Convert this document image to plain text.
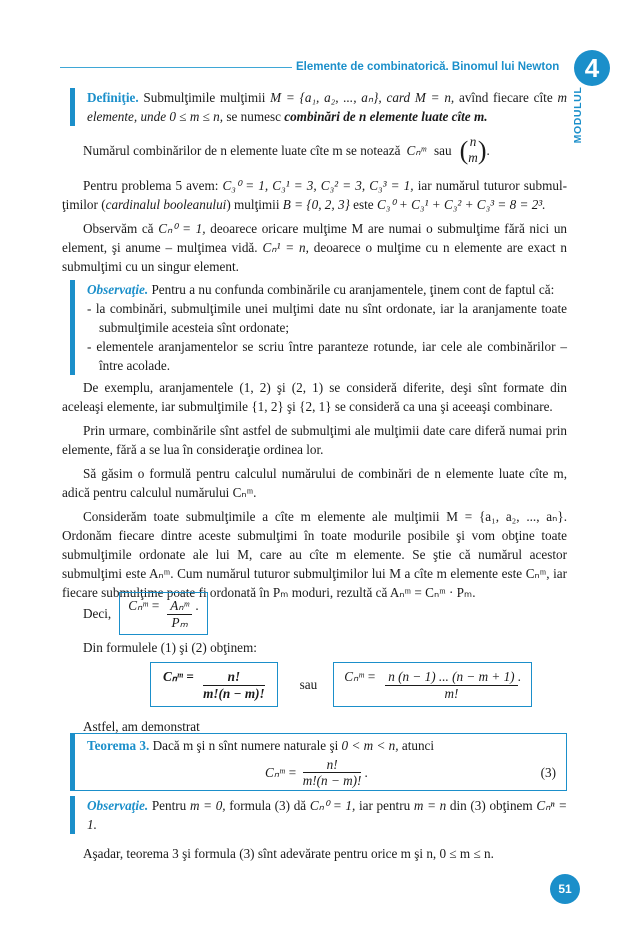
Elemente de combinatorică. Binomul lui Newton 4
MODULUL

Definiţie. Submulţimile mulţimii M = {a₁, a₂, ..., aₙ}, card M = n, avînd fiecare cîte m elemente, unde 0 ≤ m ≤ n, se numesc combinări de n elemente luate cîte m.

Numărul combinărilor de n elemente luate cîte m se notează Cₙᵐ sau ( n
m ) .

Pentru problema 5 avem: C₃⁰ = 1, C₃¹ = 3, C₃² = 3, C₃³ = 1, iar numărul tuturor submul- ţimilor (cardinalul booleanului) mulţimii B = {0, 2, 3} este C₃⁰ + C₃¹ + C₃² + C₃³ = 8 = 2³.

Observăm că Cₙ⁰ = 1, deoarece oricare mulţime M are numai o submulţime fără nici un element, şi anume – mulţimea vidă. Cₙ¹ = n, deoarece o mulţime cu n elemente are exact n submulţimi cu un singur element.

Observaţie. Pentru a nu confunda combinările cu aranjamentele, ţinem cont de faptul că:

- la combinări, submulţimile unei mulţimi date nu sînt ordonate, iar la aranjamente toate submulţimile acesteia sînt ordonate;

- elementele aranjamentelor se scriu între paranteze rotunde, iar cele ale combinărilor – între acolade.

De exemplu, aranjamentele (1, 2) şi (2, 1) se consideră diferite, deşi sînt formate din aceleaşi elemente, iar submulţimile {1, 2} şi {2, 1} se consideră ca una şi aceeaşi combinare.

Prin urmare, combinările sînt astfel de submulţimi ale mulţimii date care diferă numai prin elemente, fără a se lua în consideraţie ordinea lor.

Să găsim o formulă pentru calculul numărului de combinări de n elemente luate cîte m, adică pentru calculul numărului Cₙᵐ.

Considerăm toate submulţimile a cîte m elemente ale mulţimii M = {a₁, a₂, ..., aₙ}. Ordonăm fiecare dintre aceste submulţimi în toate modurile posibile şi vom obţine toate submulţimile ordonate ale lui M, care au cîte m elemente. Se ştie că numărul acestor submulţimi este Aₙᵐ. Cum numărul tuturor submulţimilor lui M a cîte m elemente este Cₙᵐ, iar fiecare submulţime poate fi ordonată în Pₘ moduri, rezultă că Aₙᵐ = Cₙᵐ · Pₘ.

Deci,
Cₙᵐ = Aₙᵐ
Pₘ
.

Din formulele (1) şi (2) obţinem:

Cₙᵐ = $\frac{n!}{m!(n - m)!}$	sau
Cₙᵐ = $\frac{n (n - 1) ... (n - m + 1)}{m!}$ .

Astfel, am demonstrat

Teorema 3. Dacă m şi n sînt numere naturale şi 0 < m < n, atunci
Cₙᵐ = $\frac{n!}{m!(n - m)!}$ .	(3)

Observaţie. Pentru m = 0, formula (3) dă Cₙ⁰ = 1, iar pentru m = n din (3) obţinem Cₙⁿ = 1.

Aşadar, teorema 3 şi formula (3) sînt adevărate pentru orice m şi n, 0 ≤ m ≤ n.

51
